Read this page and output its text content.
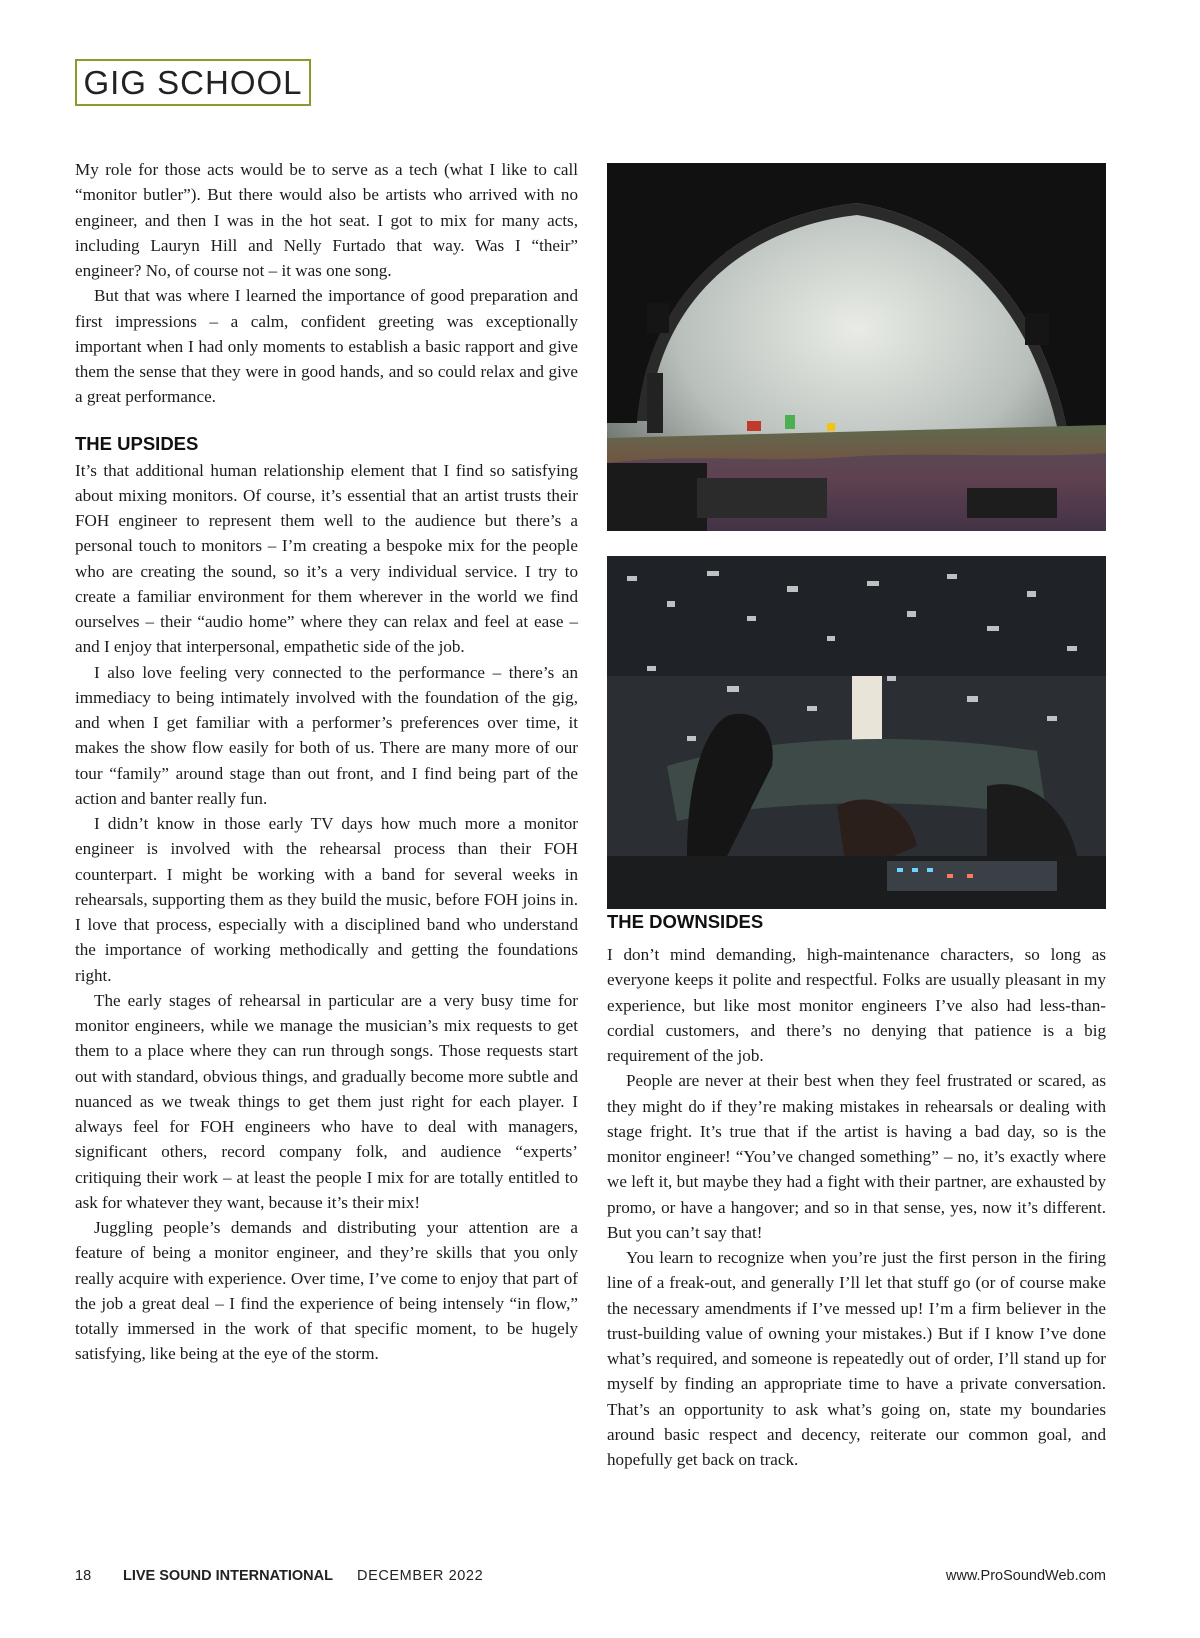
GIG SCHOOL

My role for those acts would be to serve as a tech (what I like to call “monitor butler”). But there would also be artists who arrived with no engineer, and then I was in the hot seat. I got to mix for many acts, including Lauryn Hill and Nelly Furtado that way. Was I “their” engineer? No, of course not – it was one song.

But that was where I learned the importance of good preparation and first impressions – a calm, confident greeting was exceptionally important when I had only moments to establish a basic rapport and give them the sense that they were in good hands, and so could relax and give a great performance.

THE UPSIDES

It’s that additional human relationship element that I find so satisfying about mixing monitors. Of course, it’s essential that an artist trusts their FOH engineer to represent them well to the audience but there’s a personal touch to monitors – I’m creating a bespoke mix for the people who are creating the sound, so it’s a very individual service. I try to create a familiar environment for them wherever in the world we find ourselves – their “audio home” where they can relax and feel at ease – and I enjoy that interpersonal, empathetic side of the job.

I also love feeling very connected to the performance – there’s an immediacy to being intimately involved with the foundation of the gig, and when I get familiar with a performer’s preferences over time, it makes the show flow easily for both of us. There are many more of our tour “family” around stage than out front, and I find being part of the action and banter really fun.

I didn’t know in those early TV days how much more a monitor engineer is involved with the rehearsal process than their FOH counterpart. I might be working with a band for several weeks in rehearsals, supporting them as they build the music, before FOH joins in. I love that process, especially with a disciplined band who understand the importance of working methodically and getting the foundations right.

The early stages of rehearsal in particular are a very busy time for monitor engineers, while we manage the musician’s mix requests to get them to a place where they can run through songs. Those requests start out with standard, obvious things, and gradually become more subtle and nuanced as we tweak things to get them just right for each player. I always feel for FOH engineers who have to deal with managers, significant others, record company folk, and audience “experts’ critiquing their work – at least the people I mix for are totally entitled to ask for whatever they want, because it’s their mix!

Juggling people’s demands and distributing your attention are a feature of being a monitor engineer, and they’re skills that you only really acquire with experience. Over time, I’ve come to enjoy that part of the job a great deal – I find the experience of being intensely “in flow,” totally immersed in the work of that specific moment, to be hugely satisfying, like being at the eye of the storm.

THE DOWNSIDES

I don’t mind demanding, high-maintenance characters, so long as everyone keeps it polite and respectful. Folks are usually pleasant in my experience, but like most monitor engineers I’ve also had less-than-cordial customers, and there’s no denying that patience is a big requirement of the job.

People are never at their best when they feel frustrated or scared, as they might do if they’re making mistakes in rehearsals or dealing with stage fright. It’s true that if the artist is having a bad day, so is the monitor engineer! “You’ve changed something” – no, it’s exactly where we left it, but maybe they had a fight with their partner, are exhausted by promo, or have a hangover; and so in that sense, yes, now it’s different. But you can’t say that!

You learn to recognize when you’re just the first person in the firing line of a freak-out, and generally I’ll let that stuff go (or of course make the necessary amendments if I’ve messed up! I’m a firm believer in the trust-building value of owning your mistakes.) But if I know I’ve done what’s required, and someone is repeatedly out of order, I’ll stand up for myself by finding an appropriate time to have a private conversation. That’s an opportunity to ask what’s going on, state my boundaries around basic respect and decency, reiterate our common goal, and hopefully get back on track.

18 LIVE SOUND INTERNATIONAL DECEMBER 2022	www.ProSoundWeb.com
